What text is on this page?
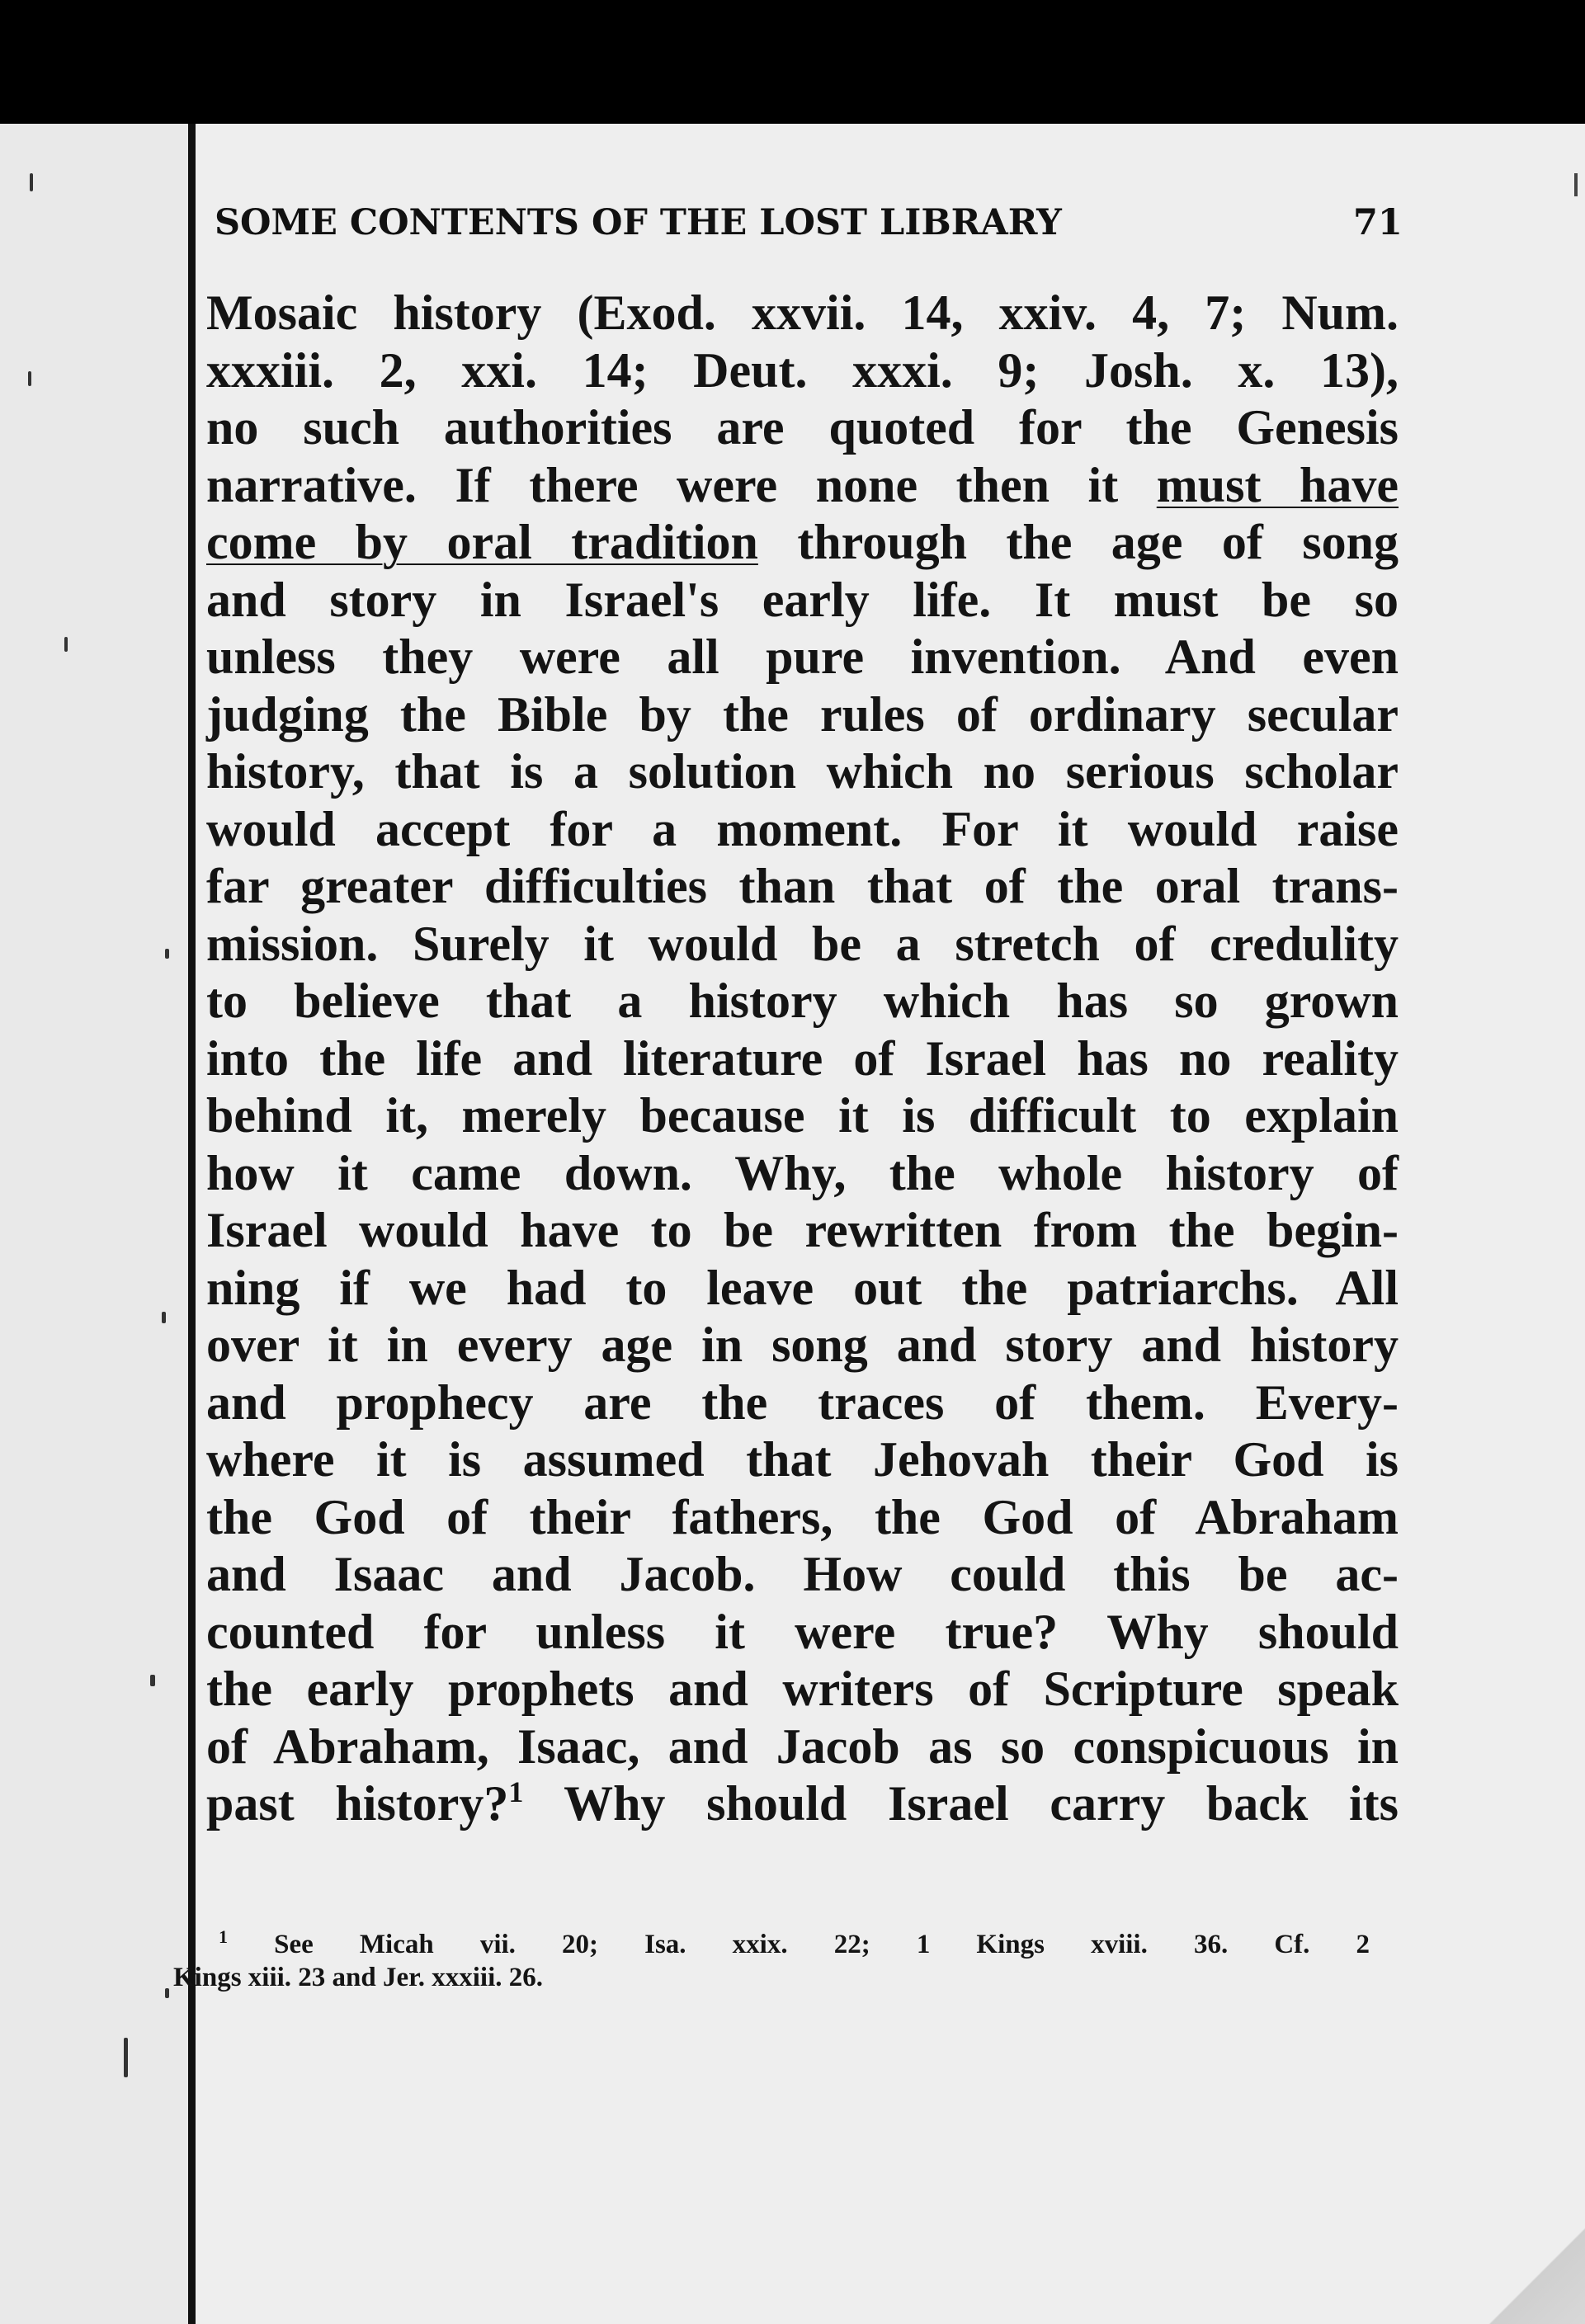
SOME CONTENTS OF THE LOST LIBRARY	71
Mosaic history (Exod. xxvii. 14, xxiv. 4, 7; Num.
xxxiii. 2, xxi. 14; Deut. xxxi. 9; Josh. x. 13),
no such authorities are quoted for the Genesis
narrative. If there were none then it must have
come by oral tradition through the age of song
and story in Israel's early life. It must be so
unless they were all pure invention. And even
judging the Bible by the rules of ordinary secular
history, that is a solution which no serious scholar
would accept for a moment. For it would raise
far greater difficulties than that of the oral trans-
mission. Surely it would be a stretch of credulity
to believe that a history which has so grown
into the life and literature of Israel has no reality
behind it, merely because it is difficult to explain
how it came down. Why, the whole history of
Israel would have to be rewritten from the begin-
ning if we had to leave out the patriarchs. All
over it in every age in song and story and history
and prophecy are the traces of them. Every-
where it is assumed that Jehovah their God is
the God of their fathers, the God of Abraham
and Isaac and Jacob. How could this be ac-
counted for unless it were true? Why should
the early prophets and writers of Scripture speak
of Abraham, Isaac, and Jacob as so conspicuous in
past history?$^1$ Why should Israel carry back its
$^1$ See Micah vii. 20; Isa. xxix. 22; 1 Kings xviii. 36. Cf. 2
Kings xiii. 23 and Jer. xxxiii. 26.
